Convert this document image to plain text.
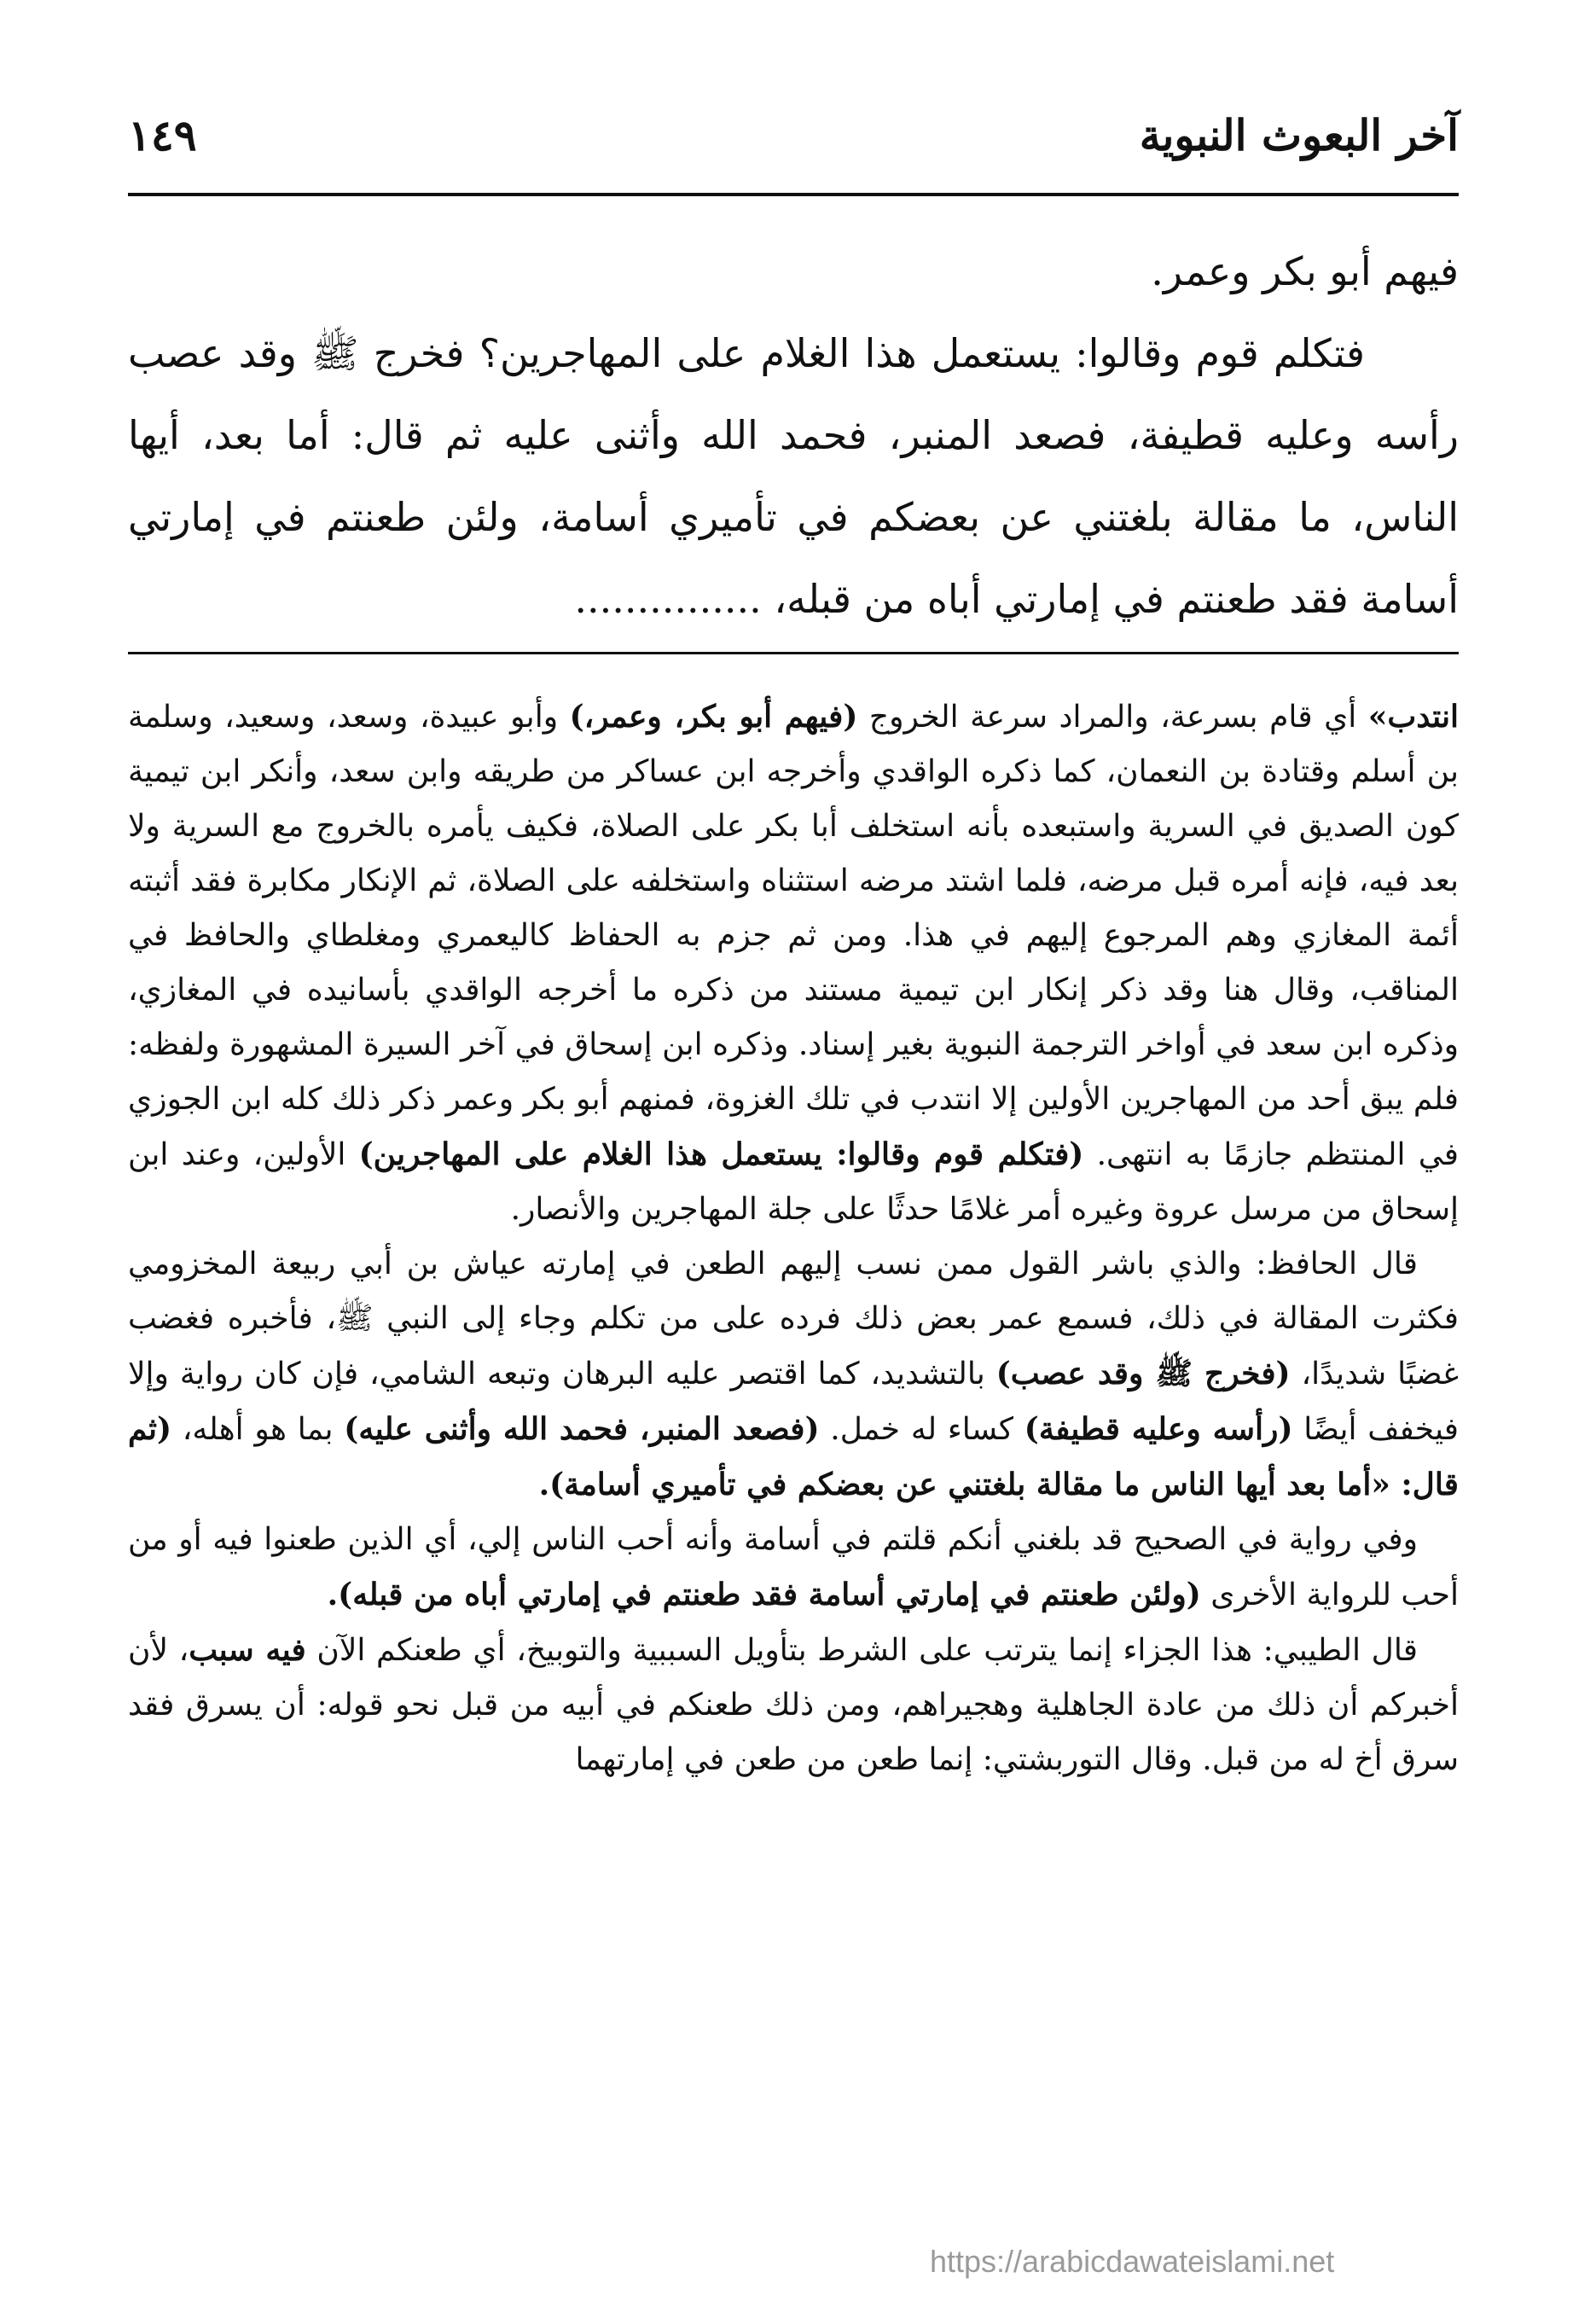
آخر البعوث النبوية
١٤٩

فيهم أبو بكر وعمر.

فتكلم قوم وقالوا: يستعمل هذا الغلام على المهاجرين؟ فخرج ﷺ وقد عصب رأسه وعليه قطيفة، فصعد المنبر، فحمد الله وأثنى عليه ثم قال: أما بعد، أيها الناس، ما مقالة بلغتني عن بعضكم في تأميري أسامة، ولئن طعنتم في إمارتي أسامة فقد طعنتم في إمارتي أباه من قبله، ...............

انتدب» أي قام بسرعة، والمراد سرعة الخروج (فيهم أبو بكر، وعمر،) وأبو عبيدة، وسعد، وسعيد، وسلمة بن أسلم وقتادة بن النعمان، كما ذكره الواقدي وأخرجه ابن عساكر من طريقه وابن سعد، وأنكر ابن تيمية كون الصديق في السرية واستبعده بأنه استخلف أبا بكر على الصلاة، فكيف يأمره بالخروج مع السرية ولا بعد فيه، فإنه أمره قبل مرضه، فلما اشتد مرضه استثناه واستخلفه على الصلاة، ثم الإنكار مكابرة فقد أثبته أئمة المغازي وهم المرجوع إليهم في هذا. ومن ثم جزم به الحفاظ كاليعمري ومغلطاي والحافظ في المناقب، وقال هنا وقد ذكر إنكار ابن تيمية مستند من ذكره ما أخرجه الواقدي بأسانيده في المغازي، وذكره ابن سعد في أواخر الترجمة النبوية بغير إسناد. وذكره ابن إسحاق في آخر السيرة المشهورة ولفظه: فلم يبق أحد من المهاجرين الأولين إلا انتدب في تلك الغزوة، فمنهم أبو بكر وعمر ذكر ذلك كله ابن الجوزي في المنتظم جازمًا به انتهى. (فتكلم قوم وقالوا: يستعمل هذا الغلام على المهاجرين) الأولين، وعند ابن إسحاق من مرسل عروة وغيره أمر غلامًا حدثًا على جلة المهاجرين والأنصار.

قال الحافظ: والذي باشر القول ممن نسب إليهم الطعن في إمارته عياش بن أبي ربيعة المخزومي فكثرت المقالة في ذلك، فسمع عمر بعض ذلك فرده على من تكلم وجاء إلى النبي ﷺ، فأخبره فغضب غضبًا شديدًا، (فخرج ﷺ وقد عصب) بالتشديد، كما اقتصر عليه البرهان وتبعه الشامي، فإن كان رواية وإلا فيخفف أيضًا (رأسه وعليه قطيفة) كساء له خمل. (فصعد المنبر، فحمد الله وأثنى عليه) بما هو أهله، (ثم قال: «أما بعد أيها الناس ما مقالة بلغتني عن بعضكم في تأميري أسامة).

وفي رواية في الصحيح قد بلغني أنكم قلتم في أسامة وأنه أحب الناس إلي، أي الذين طعنوا فيه أو من أحب للرواية الأخرى (ولئن طعنتم في إمارتي أسامة فقد طعنتم في إمارتي أباه من قبله).

قال الطيبي: هذا الجزاء إنما يترتب على الشرط بتأويل السببية والتوبيخ، أي طعنكم الآن فيه سبب، لأن أخبركم أن ذلك من عادة الجاهلية وهجيراهم، ومن ذلك طعنكم في أبيه من قبل نحو قوله: أن يسرق فقد سرق أخ له من قبل. وقال التوربشتي: إنما طعن من طعن في إمارتهما

https://arabicdawateislami.net
